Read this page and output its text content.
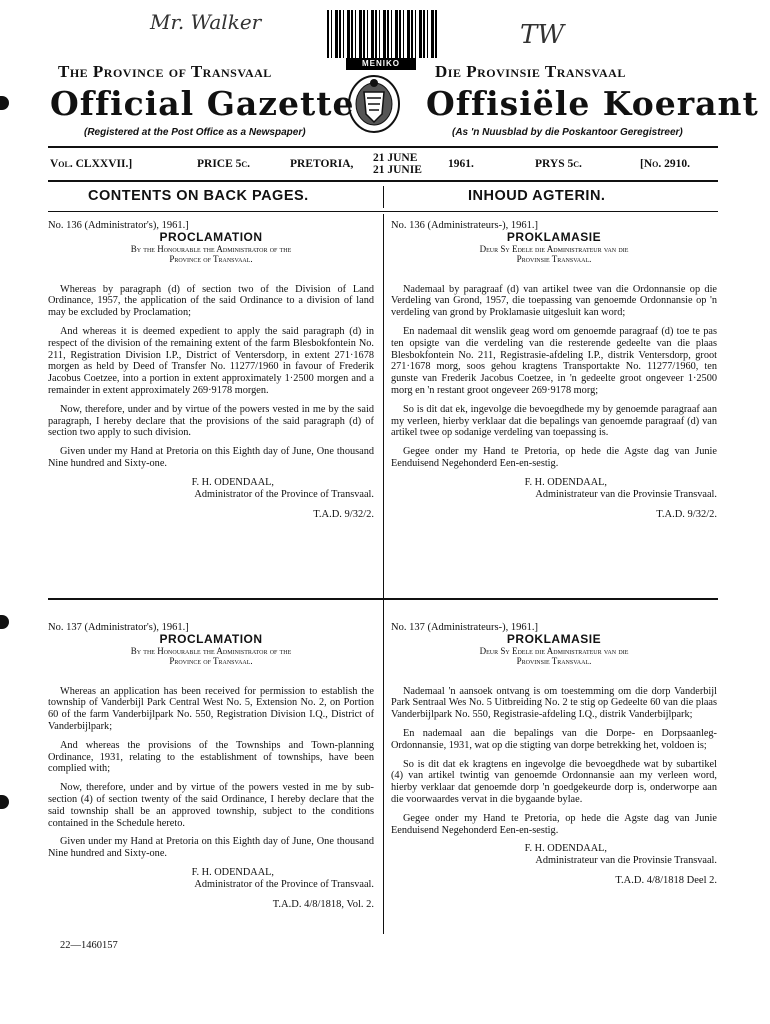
Mr. Walker	TW
MENIKO
The Province of Transvaal	Die Provinsie Transvaal
Official Gazette Offisiële Koerant
(Registered at the Post Office as a Newspaper)	(As 'n Nuusblad by die Poskantoor Geregistreer)
Vol. CLXXVII.]	PRICE 5c.	PRETORIA, 21 JUNE
21 JUNIE 1961.	PRYS 5c.	[No. 2910.
CONTENTS ON BACK PAGES.	INHOUD AGTERIN.
No. 136 (Administrator's), 1961.]
PROCLAMATION
By the Honourable the Administrator of the
Province of Transvaal.

Whereas by paragraph (d) of section two of the Division of Land Ordinance, 1957, the application of the said Ordinance to a division of land may be excluded by Proclamation;

And whereas it is deemed expedient to apply the said paragraph (d) in respect of the division of the remaining extent of the farm Blesbokfontein No. 211, Registration Division I.P., District of Ventersdorp, in extent 271·1678 morgen as held by Deed of Transfer No. 11277/1960 in favour of Frederik Jacobus Coetzee, into a portion in extent approximately 1·2500 morgen and a remainder in extent approximately 269·9178 morgen.

Now, therefore, under and by virtue of the powers vested in me by the said paragraph, I hereby declare that the provisions of the said paragraph (d) of section two apply to such division.

Given under my Hand at Pretoria on this Eighth day of June, One thousand Nine hundred and Sixty-one.

F. H. ODENDAAL,
Administrator of the Province of Transvaal.
T.A.D. 9/32/2.
No. 136 (Administrateurs-), 1961.]
PROKLAMASIE
Deur Sy Edele die Administrateur van die
Provinsie Transvaal.

Nademaal by paragraaf (d) van artikel twee van die Ordonnansie op die Verdeling van Grond, 1957, die toepassing van genoemde Ordonnansie op 'n verdeling van grond by Proklamasie uitgesluit kan word;

En nademaal dit wenslik geag word om genoemde paragraaf (d) toe te pas ten opsigte van die verdeling van die resterende gedeelte van die plaas Blesbokfontein No. 211, Registrasie-afdeling I.P., distrik Ventersdorp, groot 271·1678 morg, soos gehou kragtens Transportakte No. 11277/1960, ten gunste van Frederik Jacobus Coetzee, in 'n gedeelte groot ongeveer 1·2500 morg en 'n restant groot ongeveer 269·9178 morg;

So is dit dat ek, ingevolge die bevoegdhede my by genoemde paragraaf aan my verleen, hierby verklaar dat die bepalings van genoemde paragraaf (d) van artikel twee op sodanige verdeling van toepassing is.

Gegee onder my Hand te Pretoria, op hede die Agste dag van Junie Eenduisend Negehonderd Een-en-sestig.

F. H. ODENDAAL,
Administrateur van die Provinsie Transvaal.
T.A.D. 9/32/2.
No. 137 (Administrator's), 1961.]
PROCLAMATION
By the Honourable the Administrator of the
Province of Transvaal.

Whereas an application has been received for permission to establish the township of Vanderbijl Park Central West No. 5, Extension No. 2, on Portion 60 of the farm Vanderbijlpark No. 550, Registration Division I.Q., District of Vanderbijlpark;

And whereas the provisions of the Townships and Town-planning Ordinance, 1931, relating to the establishment of townships, have been complied with;

Now, therefore, under and by virtue of the powers vested in me by sub-section (4) of section twenty of the said Ordinance, I hereby declare that the said township shall be an approved township, subject to the conditions contained in the Schedule hereto.

Given under my Hand at Pretoria on this Eighth day of June, One thousand Nine hundred and Sixty-one.

F. H. ODENDAAL,
Administrator of the Province of Transvaal.
T.A.D. 4/8/1818, Vol. 2.
No. 137 (Administrateurs-), 1961.]
PROKLAMASIE
Deur Sy Edele die Administrateur van die
Provinsie Transvaal.

Nademaal 'n aansoek ontvang is om toestemming om die dorp Vanderbijl Park Sentraal Wes No. 5 Uitbreiding No. 2 te stig op Gedeelte 60 van die plaas Vanderbijlpark No. 550, Registrasie-afdeling I.Q., distrik Vanderbijlpark;

En nademaal aan die bepalings van die Dorpe- en Dorpsaanleg-Ordonnansie, 1931, wat op die stigting van dorpe betrekking het, voldoen is;

So is dit dat ek kragtens en ingevolge die bevoegdhede wat by subartikel (4) van artikel twintig van genoemde Ordonnansie aan my verleen word, hierby verklaar dat genoemde dorp 'n goedgekeurde dorp is, onderworpe aan die voorwaardes vervat in die bygaande bylae.

Gegee onder my Hand te Pretoria, op hede die Agste dag van Junie Eenduisend Negehonderd Een-en-sestig.

F. H. ODENDAAL,
Administrateur van die Provinsie Transvaal.
T.A.D. 4/8/1818 Deel 2.
22—1460157
